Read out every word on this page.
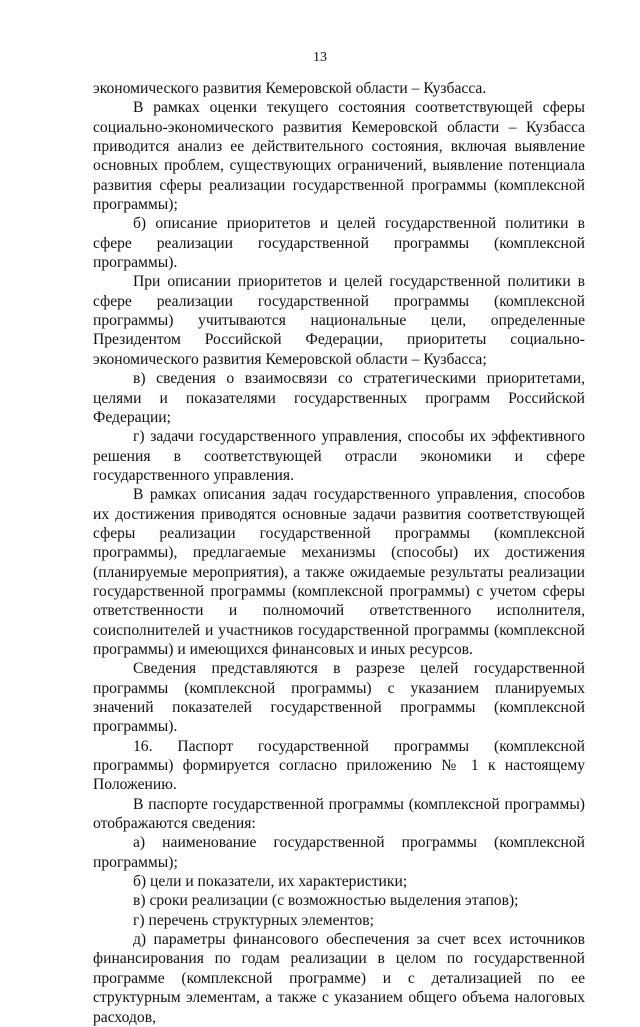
13

экономического развития Кемеровской области – Кузбасса.

В рамках оценки текущего состояния соответствующей сферы социально-экономического развития Кемеровской области – Кузбасса приводится анализ ее действительного состояния, включая выявление основных проблем, существующих ограничений, выявление потенциала развития сферы реализации государственной программы (комплексной программы);

б) описание приоритетов и целей государственной политики в сфере реализации государственной программы (комплексной программы).

При описании приоритетов и целей государственной политики в сфере реализации государственной программы (комплексной программы) учитываются национальные цели, определенные Президентом Российской Федерации, приоритеты социально-экономического развития Кемеровской области – Кузбасса;

в) сведения о взаимосвязи со стратегическими приоритетами, целями и показателями государственных программ Российской Федерации;

г) задачи государственного управления, способы их эффективного решения в соответствующей отрасли экономики и сфере государственного управления.

В рамках описания задач государственного управления, способов их достижения приводятся основные задачи развития соответствующей сферы реализации государственной программы (комплексной программы), предлагаемые механизмы (способы) их достижения (планируемые мероприятия), а также ожидаемые результаты реализации государственной программы (комплексной программы) с учетом сферы ответственности и полномочий ответственного исполнителя, соисполнителей и участников государственной программы (комплексной программы) и имеющихся финансовых и иных ресурсов.

Сведения представляются в разрезе целей государственной программы (комплексной программы) с указанием планируемых значений показателей государственной программы (комплексной программы).

16. Паспорт государственной программы (комплексной программы) формируется согласно приложению № 1 к настоящему Положению.

В паспорте государственной программы (комплексной программы) отображаются сведения:

а) наименование государственной программы (комплексной программы);

б) цели и показатели, их характеристики;

в) сроки реализации (с возможностью выделения этапов);

г) перечень структурных элементов;

д) параметры финансового обеспечения за счет всех источников финансирования по годам реализации в целом по государственной программе (комплексной программе) и с детализацией по ее структурным элементам, а также с указанием общего объема налоговых расходов,
